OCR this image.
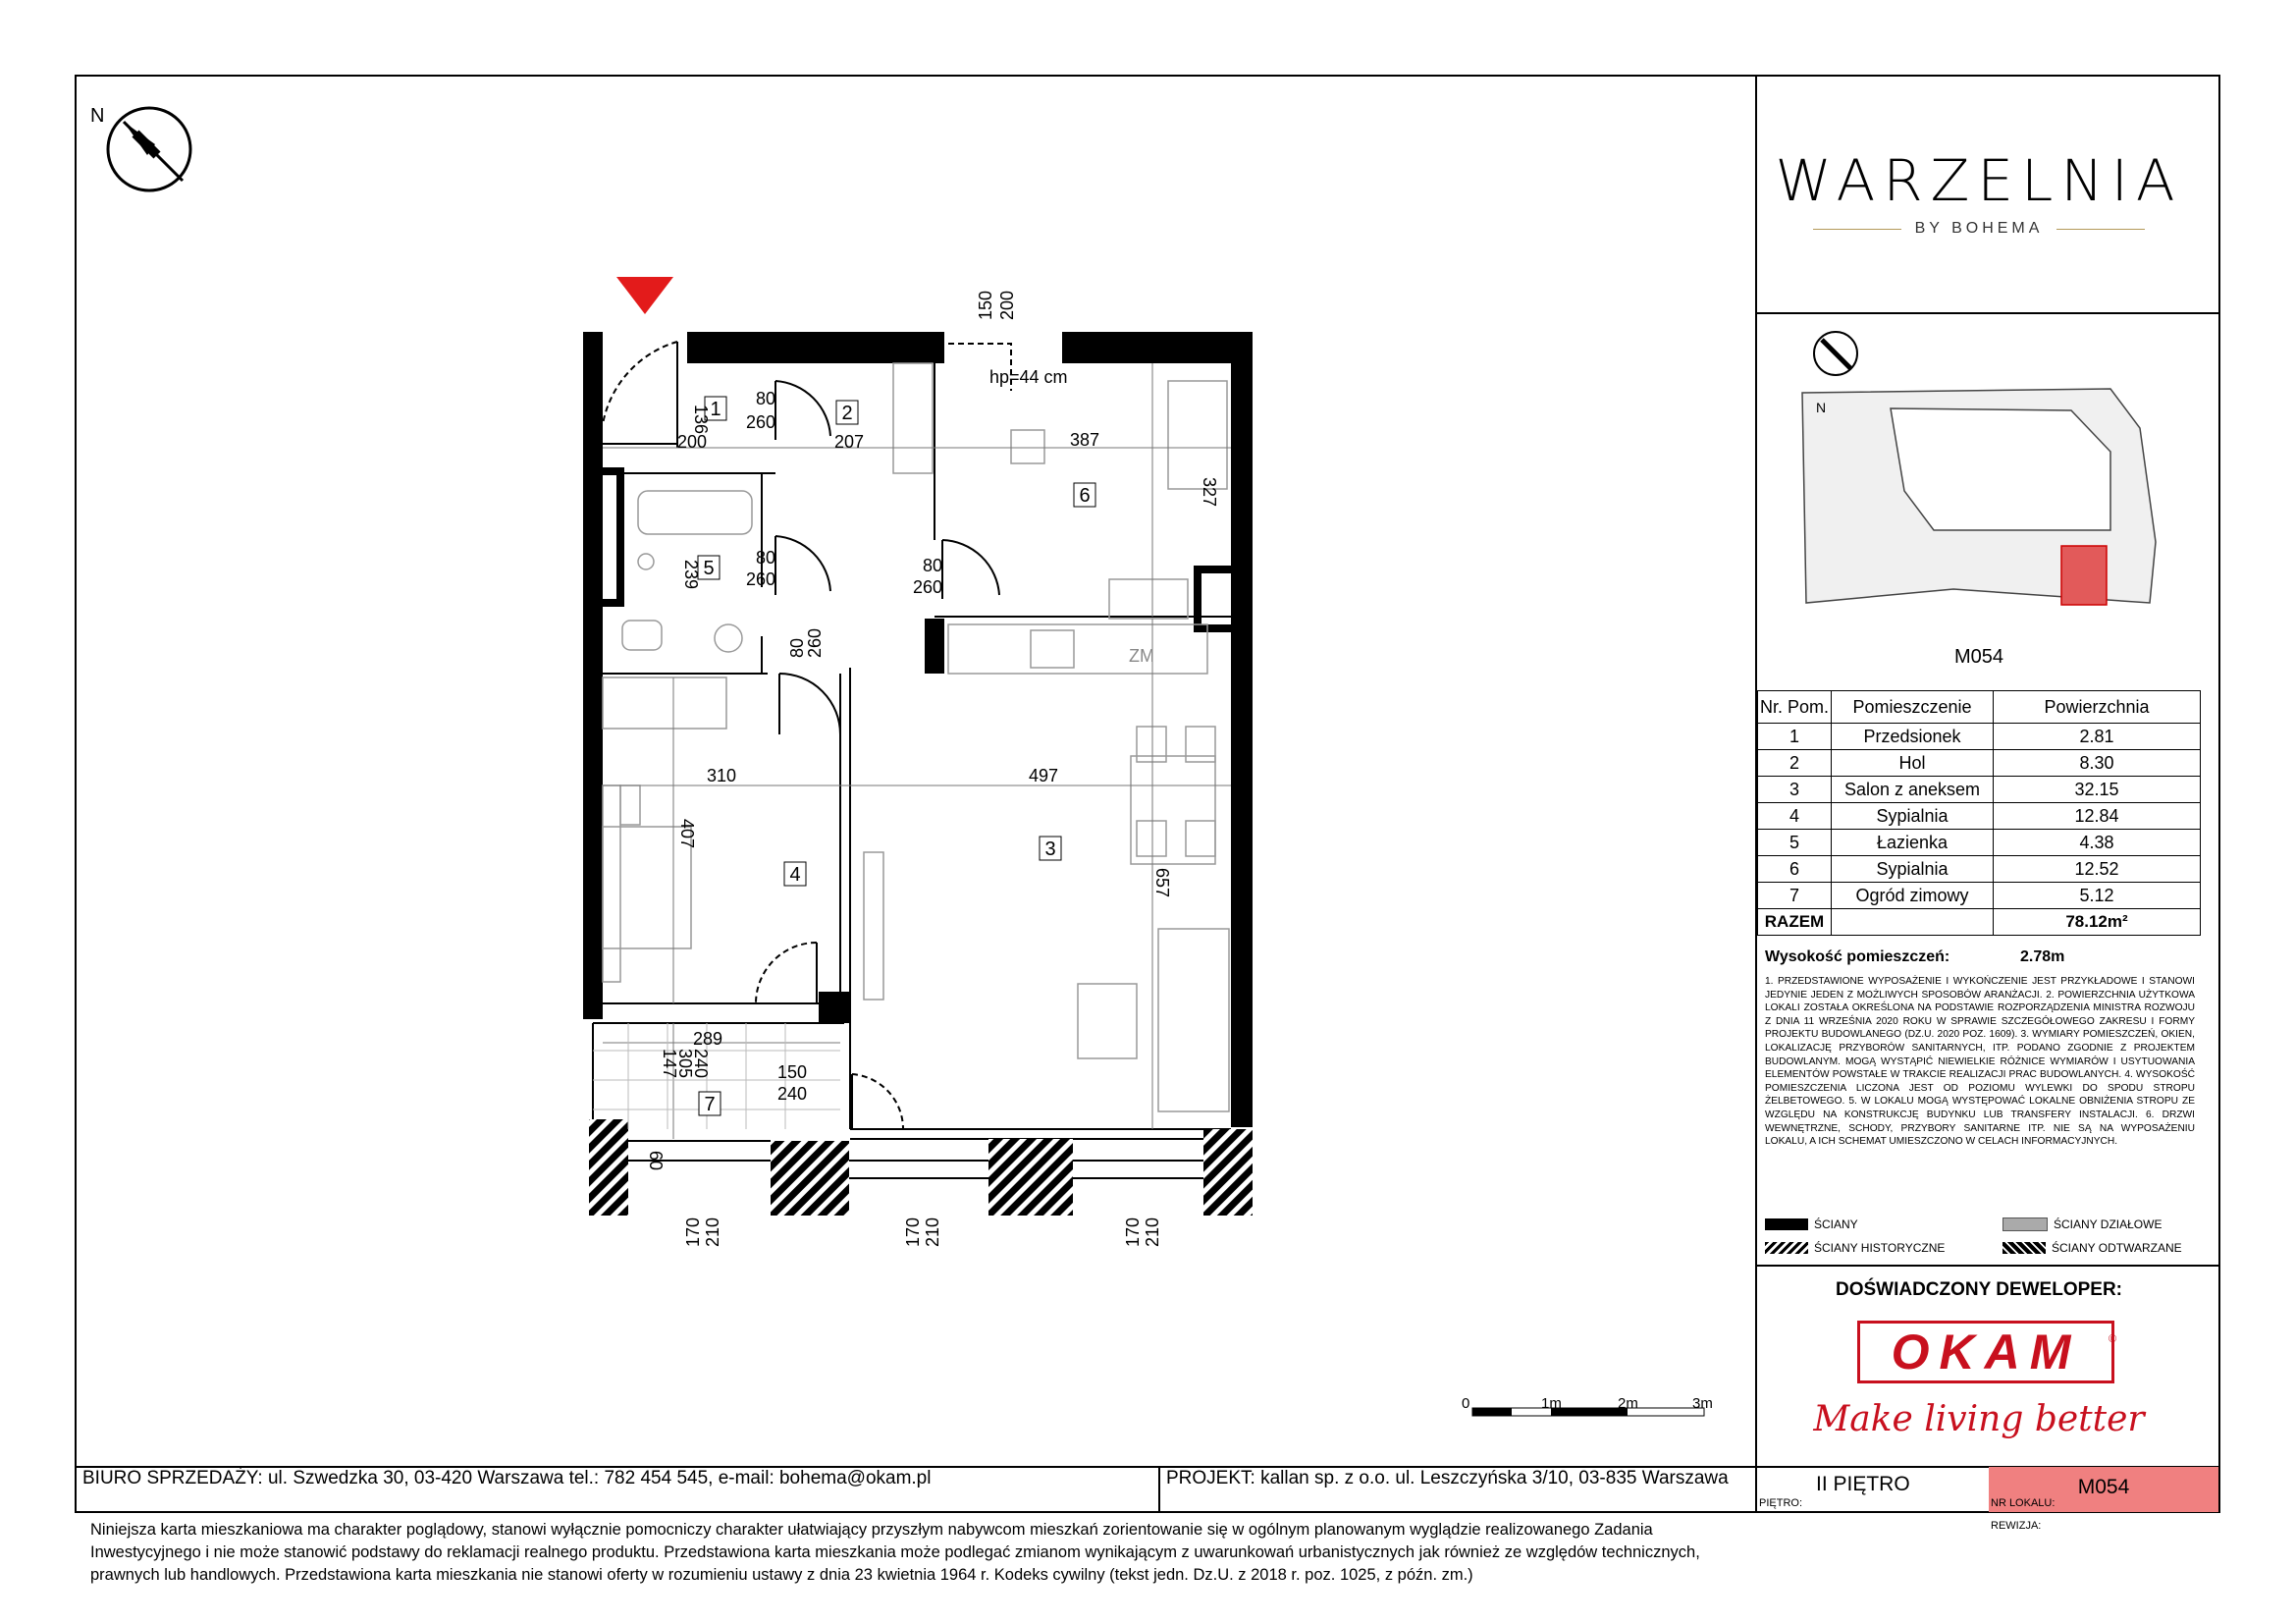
N
1	2
3
4
5
6
7
200
80
260
207
hp=44 cm
387
80
260
80
260
ZM
310	497
289
150
240
136
150 200
327
239
80
260
407
657
305
147 240
60
170 210	170 210	170 210
N
WARZELNIA
BY BOHEMA
M054
Nr. Pom.	Pomieszczenie	Powierzchnia
1	Przedsionek	2.81
2	Hol	8.30
3	Salon z aneksem	32.15
4	Sypialnia	12.84
5	Łazienka	4.38
6	Sypialnia	12.52
7	Ogród zimowy	5.12
RAZEM		78.12m²
Wysokość pomieszczeń:	2.78m
1. PRZEDSTAWIONE WYPOSAŻENIE I WYKOŃCZENIE JEST PRZYKŁADOWE I STANOWI JEDYNIE JEDEN Z MOŻLIWYCH SPOSOBÓW ARANŻACJI. 2. POWIERZCHNIA UŻYTKOWA LOKALI ZOSTAŁA OKREŚLONA NA PODSTAWIE ROZPORZĄDZENIA MINISTRA ROZWOJU Z DNIA 11 WRZEŚNIA 2020 ROKU W SPRAWIE SZCZEGÓŁOWEGO ZAKRESU I FORMY PROJEKTU BUDOWLANEGO (DZ.U. 2020 POZ. 1609). 3. WYMIARY POMIESZCZEŃ, OKIEN, LOKALIZACJĘ PRZYBORÓW SANITARNYCH, ITP. PODANO ZGODNIE Z PROJEKTEM BUDOWLANYM. MOGĄ WYSTĄPIĆ NIEWIELKIE RÓŻNICE WYMIARÓW I USYTUOWANIA ELEMENTÓW POWSTAŁE W TRAKCIE REALIZACJI PRAC BUDOWLANYCH. 4. WYSOKOŚĆ POMIESZCZENIA LICZONA JEST OD POZIOMU WYLEWKI DO SPODU STROPU ŻELBETOWEGO. 5. W LOKALU MOGĄ WYSTĘPOWAĆ LOKALNE OBNIŻENIA STROPU ZE WZGLĘDU NA KONSTRUKCJĘ BUDYNKU LUB TRANSFERY INSTALACJI. 6. DRZWI WEWNĘTRZNE, SCHODY, PRZYBORY SANITARNE ITP. NIE SĄ NA WYPOSAŻENIU LOKALU, A ICH SCHEMAT UMIESZCZONO W CELACH INFORMACYJNYCH.
ŚCIANY	ŚCIANY DZIAŁOWE
ŚCIANY HISTORYCZNE	ŚCIANY ODTWARZANE
DOŚWIADCZONY DEWELOPER:
OKAM	®
Make living better
0	1m	2m	3m
BIURO SPRZEDAŻY: ul. Szwedzka 30, 03-420 Warszawa tel.: 782 454 545, e-mail: bohema@okam.pl	PROJEKT: kallan sp. z o.o. ul. Leszczyńska 3/10, 03-835 Warszawa
PIĘTRO:
II PIĘTRO
NR LOKALU:
M054
REWIZJA:
Niniejsza karta mieszkaniowa ma charakter poglądowy, stanowi wyłącznie pomocniczy charakter ułatwiający przyszłym nabywcom mieszkań zorientowanie się w ogólnym planowanym wyglądzie realizowanego Zadania Inwestycyjnego i nie może stanowić podstawy do reklamacji realnego produktu. Przedstawiona karta mieszkania może podlegać zmianom wynikającym z uwarunkowań urbanistycznych jak również ze względów technicznych, prawnych lub handlowych. Przedstawiona karta mieszkania nie stanowi oferty w rozumieniu ustawy z dnia 23 kwietnia 1964 r. Kodeks cywilny (tekst jedn. Dz.U. z 2018 r. poz. 1025, z późn. zm.)
